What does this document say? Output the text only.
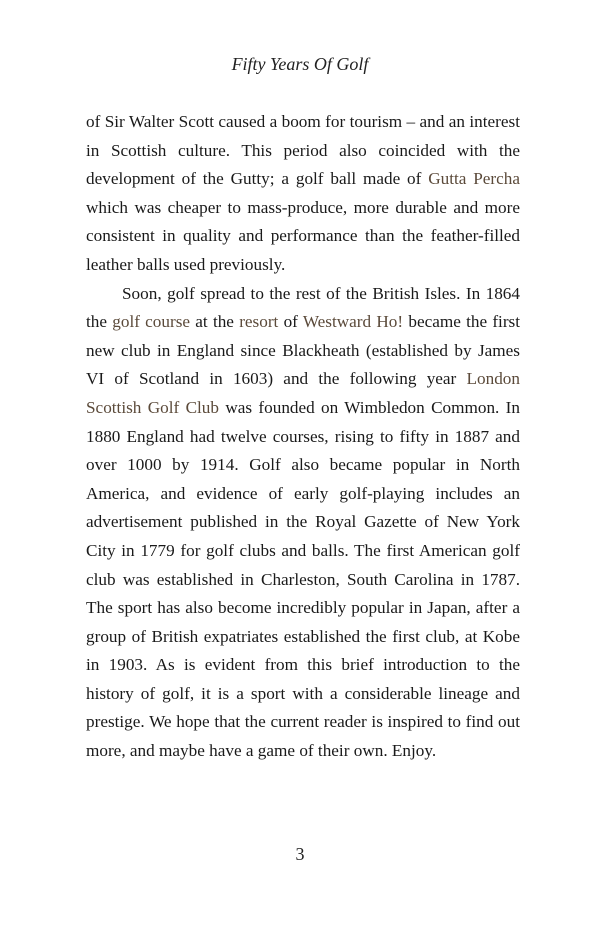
Fifty Years Of Golf

of Sir Walter Scott caused a boom for tourism – and an interest in Scottish culture. This period also coincided with the development of the Gutty; a golf ball made of Gutta Percha which was cheaper to mass-produce, more durable and more consistent in quality and performance than the feather-filled leather balls used previously.

Soon, golf spread to the rest of the British Isles. In 1864 the golf course at the resort of Westward Ho! became the first new club in England since Blackheath (established by James VI of Scotland in 1603) and the following year London Scottish Golf Club was founded on Wimbledon Common. In 1880 England had twelve courses, rising to fifty in 1887 and over 1000 by 1914. Golf also became popular in North America, and evidence of early golf-playing includes an advertisement published in the Royal Gazette of New York City in 1779 for golf clubs and balls. The first American golf club was established in Charleston, South Carolina in 1787. The sport has also become incredibly popular in Japan, after a group of British expatriates established the first club, at Kobe in 1903. As is evident from this brief introduction to the history of golf, it is a sport with a considerable lineage and prestige. We hope that the current reader is inspired to find out more, and maybe have a game of their own. Enjoy.

3
